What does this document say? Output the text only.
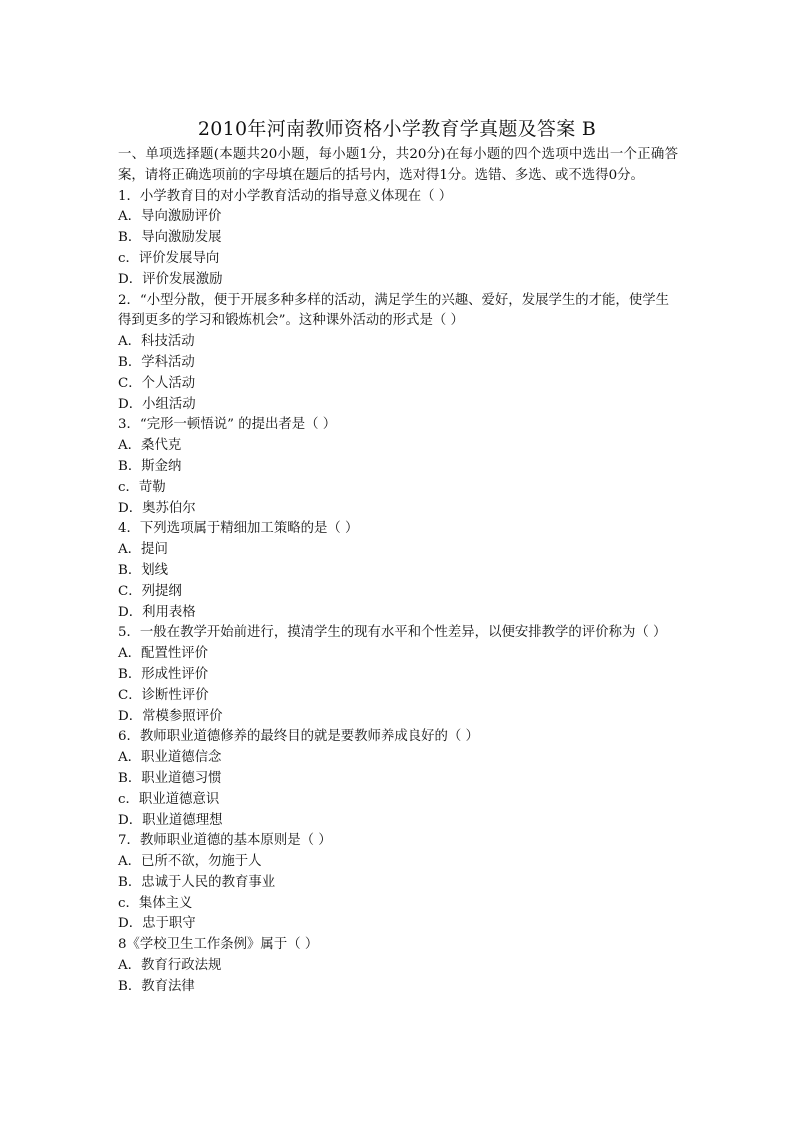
2010年河南教师资格小学教育学真题及答案 B

一、单项选择题(本题共20小题，每小题1分，共20分)在每小题的四个选项中选出一个正确答案，请将正确选项前的字母填在题后的括号内，选对得1分。选错、多选、或不选得0分。

1．小学教育目的对小学教育活动的指导意义体现在（ ）

A．导向激励评价

B．导向激励发展

c．评价发展导向

D．评价发展激励

2．“小型分散，便于开展多种多样的活动，满足学生的兴趣、爱好，发展学生的才能，使学生得到更多的学习和锻炼机会”。这种课外活动的形式是（ ）

A．科技活动

B．学科活动

C．个人活动

D．小组活动

3．“完形一顿悟说” 的提出者是（ ）

A．桑代克

B．斯金纳

c．苛勒

D．奥苏伯尔

4．下列选项属于精细加工策略的是（ ）

A．提问

B．划线

C．列提纲

D．利用表格

5．一般在教学开始前进行，摸清学生的现有水平和个性差异，以便安排教学的评价称为（ ）

A．配置性评价

B．形成性评价

C．诊断性评价

D．常模参照评价

6．教师职业道德修养的最终目的就是要教师养成良好的（ ）

A．职业道德信念

B．职业道德习惯

c．职业道德意识

D．职业道德理想

7．教师职业道德的基本原则是（ ）

A．已所不欲，勿施于人

B．忠诚于人民的教育事业

c．集体主义

D．忠于职守

8《学校卫生工作条例》属于（ ）

A．教育行政法规

B．教育法律
